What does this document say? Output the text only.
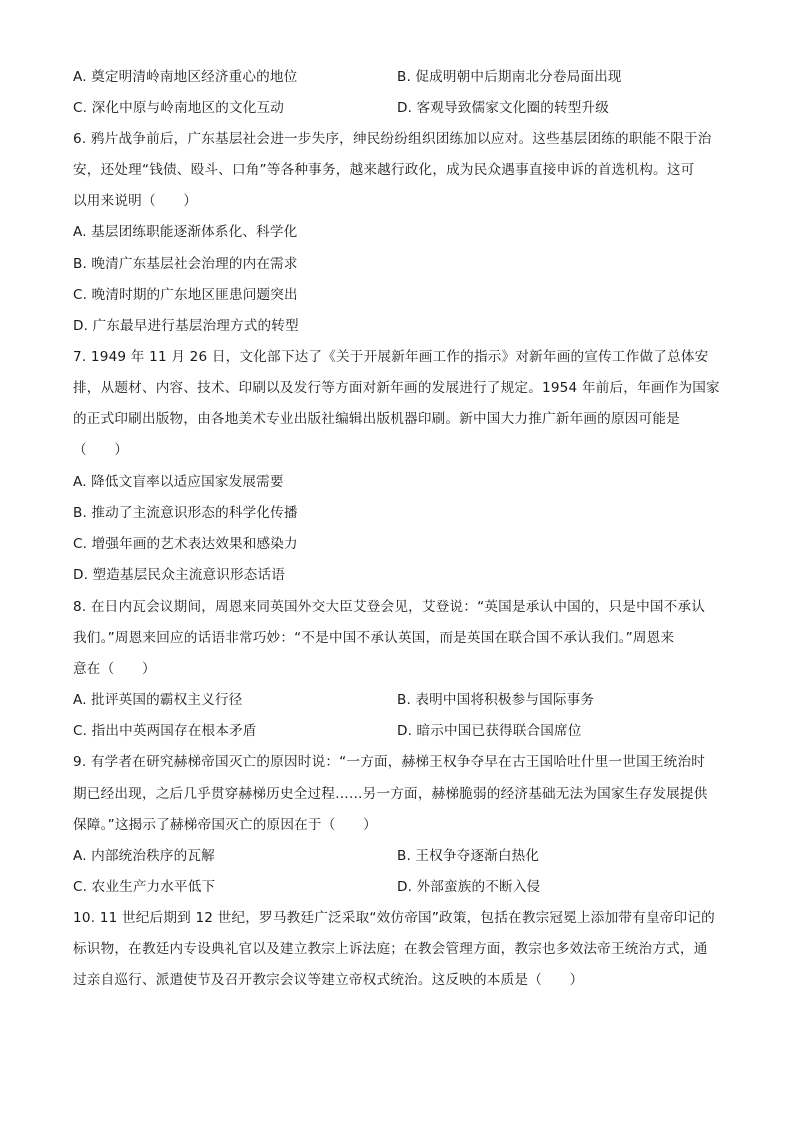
A. 奠定明清岭南地区经济重心的地位	B. 促成明朝中后期南北分卷局面出现
C. 深化中原与岭南地区的文化互动	D. 客观导致儒家文化圈的转型升级
6. 鸦片战争前后，广东基层社会进一步失序，绅民纷纷组织团练加以应对。这些基层团练的职能不限于治
安，还处理“钱债、殴斗、口角”等各种事务，越来越行政化，成为民众遇事直接申诉的首选机构。这可
以用来说明（　　）
A. 基层团练职能逐渐体系化、科学化
B. 晚清广东基层社会治理的内在需求
C. 晚清时期的广东地区匪患问题突出
D. 广东最早进行基层治理方式的转型
7. 1949 年 11 月 26 日，文化部下达了《关于开展新年画工作的指示》对新年画的宣传工作做了总体安
排，从题材、内容、技术、印刷以及发行等方面对新年画的发展进行了规定。1954 年前后，年画作为国家
的正式印刷出版物，由各地美术专业出版社编辑出版机器印刷。新中国大力推广新年画的原因可能是
（　　）
A. 降低文盲率以适应国家发展需要
B. 推动了主流意识形态的科学化传播
C. 增强年画的艺术表达效果和感染力
D. 塑造基层民众主流意识形态话语
8. 在日内瓦会议期间，周恩来同英国外交大臣艾登会见，艾登说：“英国是承认中国的，只是中国不承认
我们。”周恩来回应的话语非常巧妙：“不是中国不承认英国，而是英国在联合国不承认我们。”周恩来
意在（　　）
A. 批评英国的霸权主义行径	B. 表明中国将积极参与国际事务
C. 指出中英两国存在根本矛盾	D. 暗示中国已获得联合国席位
9. 有学者在研究赫梯帝国灭亡的原因时说：“一方面，赫梯王权争夺早在古王国哈吐什里一世国王统治时
期已经出现，之后几乎贯穿赫梯历史全过程……另一方面，赫梯脆弱的经济基础无法为国家生存发展提供
保障。”这揭示了赫梯帝国灭亡的原因在于（　　）
A. 内部统治秩序的瓦解	B. 王权争夺逐渐白热化
C. 农业生产力水平低下	D. 外部蛮族的不断入侵
10. 11 世纪后期到 12 世纪，罗马教廷广泛采取“效仿帝国”政策，包括在教宗冠冕上添加带有皇帝印记的
标识物，在教廷内专设典礼官以及建立教宗上诉法庭；在教会管理方面，教宗也多效法帝王统治方式，通
过亲自巡行、派遣使节及召开教宗会议等建立帝权式统治。这反映的本质是（　　）
